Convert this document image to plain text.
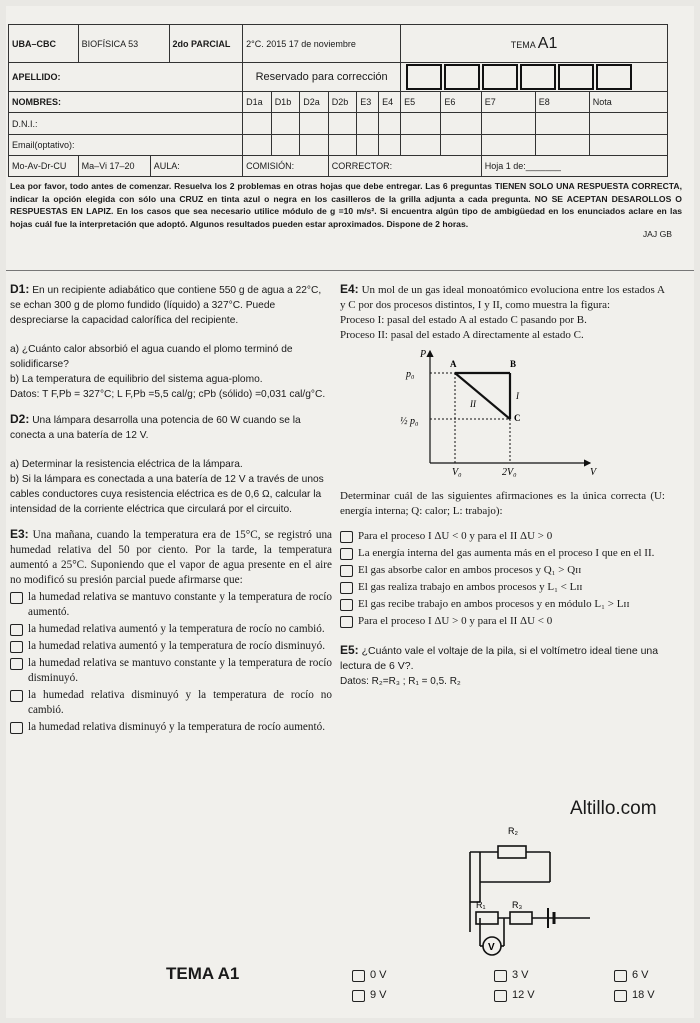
UBA–CBC	BIOFÍSICA 53		2do PARCIAL	2°C. 2015 17 de noviembre						TEMA A1				
APELLIDO:				Reservado para corrección										
NOMBRES:				D1a	D1b	D2a	D2b	E3	E4	E5	E6	E7	E8	Nota
D.N.I.:														
Email(optativo):														
Mo-Av-Dr-CU	Ma–Vi 17–20	AULA:		COMISIÓN:			CORRECTOR:					Hoja 1 de:_______		
Lea por favor, todo antes de comenzar. Resuelva los 2 problemas en otras hojas que debe entregar. Las 6 preguntas TIENEN SOLO UNA RESPUESTA CORRECTA, indicar la opción elegida con sólo una CRUZ en tinta azul o negra en los casilleros de la grilla adjunta a cada pregunta. NO SE ACEPTAN DESAROLLOS O RESPUESTAS EN LAPIZ. En los casos que sea necesario utilice módulo de g =10 m/s². Si encuentra algún tipo de ambigüedad en los enunciados aclare en las hojas cuál fue la interpretación que adoptó. Algunos resultados pueden estar aproximados. Dispone de 2 horas.
JAJ GB

D1: En un recipiente adiabático que contiene 550 g de agua a 22°C, se echan 300 g de plomo fundido (líquido) a 327°C. Puede despreciarse la capacidad calorífica del recipiente.

a) ¿Cuánto calor absorbió el agua cuando el plomo terminó de solidificarse?

b) La temperatura de equilibrio del sistema agua-plomo.

Datos: T F,Pb = 327°C; L F,Pb =5,5 cal/g; cPb (sólido) =0,031 cal/g°C.

D2: Una lámpara desarrolla una potencia de 60 W cuando se la conecta a una batería de 12 V.

a) Determinar la resistencia eléctrica de la lámpara.

b) Si la lámpara es conectada a una batería de 12 V a través de unos cables conductores cuya resistencia eléctrica es de 0,6 Ω, calcular la intensidad de la corriente eléctrica que circulará por el circuito.

E3: Una mañana, cuando la temperatura era de 15°C, se registró una humedad relativa del 50 por ciento. Por la tarde, la temperatura aumentó a 25°C. Suponiendo que el vapor de agua presente en el aire no modificó su presión parcial puede afirmarse que:
la humedad relativa se mantuvo constante y la temperatura de rocío aumentó.
la humedad relativa aumentó y la temperatura de rocío no cambió.
la humedad relativa aumentó y la temperatura de rocío disminuyó.
la humedad relativa se mantuvo constante y la temperatura de rocío disminuyó.
la humedad relativa disminuyó y la temperatura de rocío no cambió.
la humedad relativa disminuyó y la temperatura de rocío aumentó.
TEMA A1
E4: Un mol de un gas ideal monoatómico evoluciona entre los estados A y C por dos procesos distintos, I y II, como muestra la figura:
Proceso I: pasal del estado A al estado C pasando por B.
Proceso II: pasal del estado A directamente al estado C.
P
V
p₀
½ p₀
V₀	2V₀
A	B
C
I
II
Determinar cuál de las siguientes afirmaciones es la única correcta (U: energía interna; Q: calor; L: trabajo):
Para el proceso I ΔU < 0 y para el II ΔU > 0
La energía interna del gas aumenta más en el proceso I que en el II.
El gas absorbe calor en ambos procesos y Q₁ > Qɪɪ
El gas realiza trabajo en ambos procesos y L₁ < Lɪɪ
El gas recibe trabajo en ambos procesos y en módulo L₁ > Lɪɪ
Para el proceso I ΔU > 0 y para el II ΔU < 0
E5: ¿Cuánto vale el voltaje de la pila, si el voltímetro ideal tiene una lectura de 6 V?.
Datos: R₂=R₃ ; R₁ = 0,5. R₂
R₂
R₁	R₃
V
0 V	3 V	6 V
9 V	12 V	18 V
Altillo.com
